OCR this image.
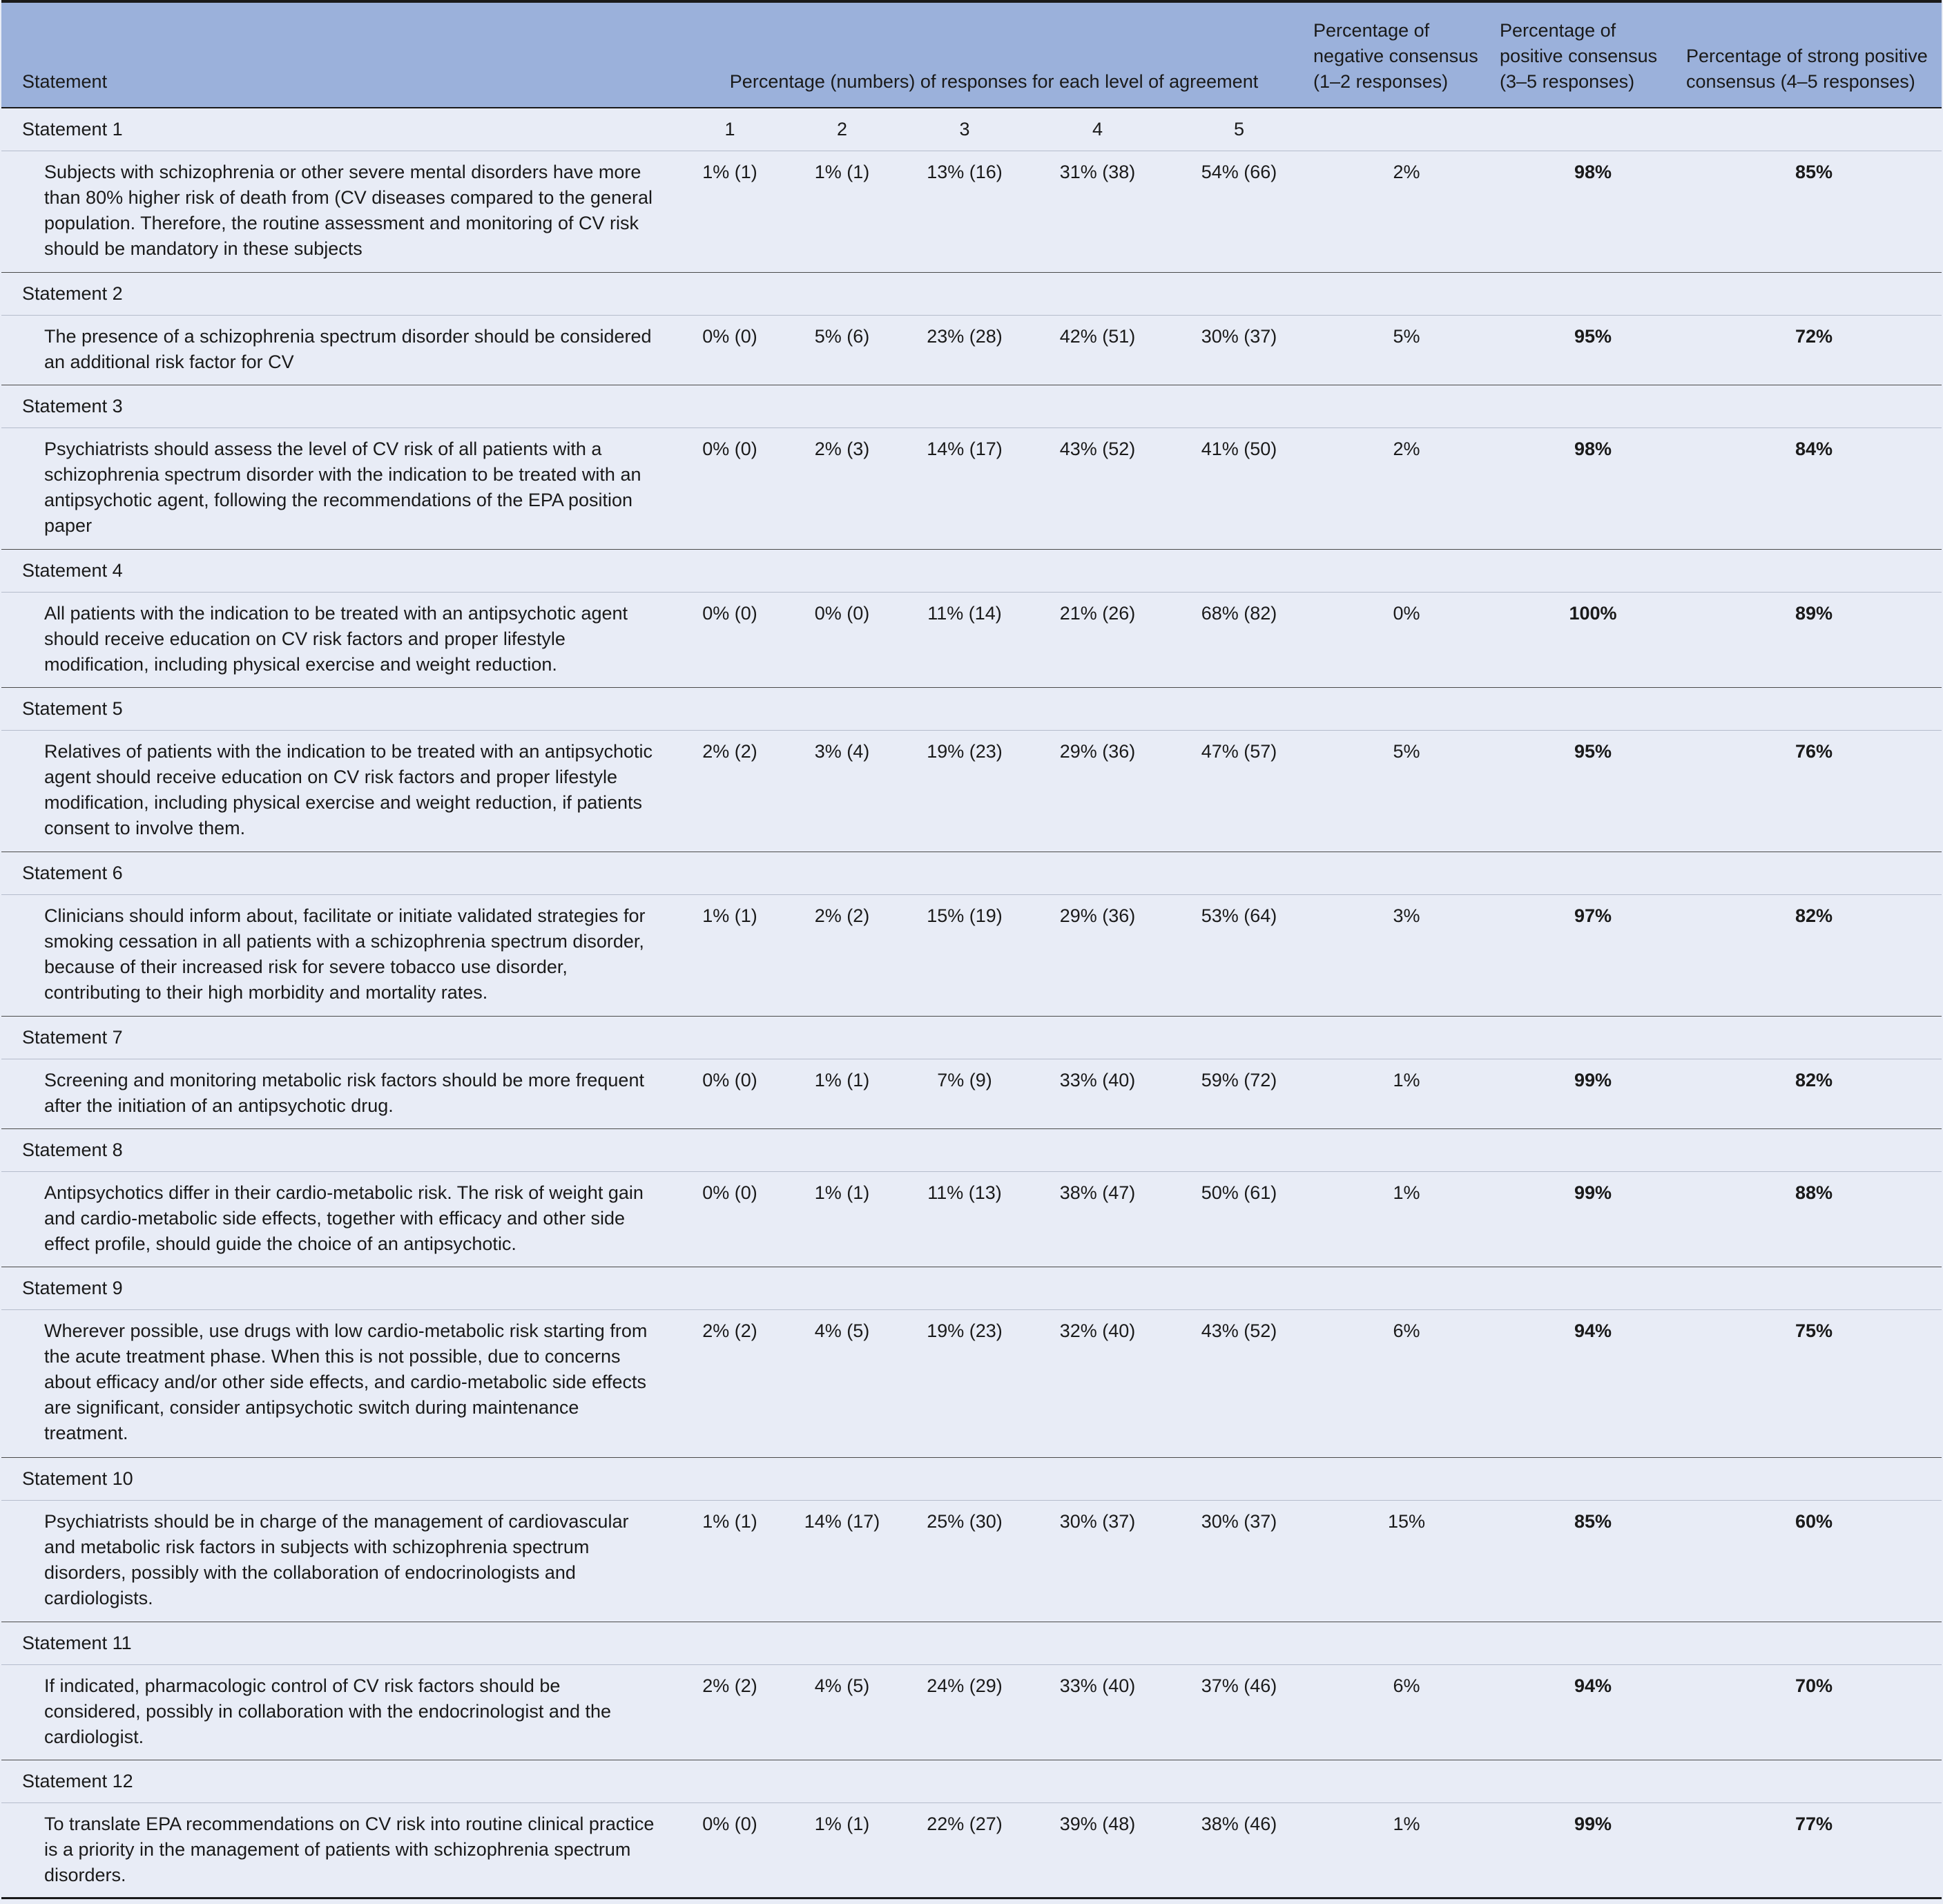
Statement	Percentage (numbers) of responses for each level of agreement					Percentage of negative consensus (1–2 responses)	Percentage of positive consensus (3–5 responses)	Percentage of strong positive consensus (4–5 responses)
Statement 1	1	2	3	4	5			
Subjects with schizophrenia or other severe mental disorders have more than 80% higher risk of death from (CV diseases compared to the general population. Therefore, the routine assessment and monitoring of CV risk should be mandatory in these subjects	1% (1)	1% (1)	13% (16)	31% (38)	54% (66)	2%	98%	85%
Statement 2								
The presence of a schizophrenia spectrum disorder should be considered an additional risk factor for CV	0% (0)	5% (6)	23% (28)	42% (51)	30% (37)	5%	95%	72%
Statement 3								
Psychiatrists should assess the level of CV risk of all patients with a schizophrenia spectrum disorder with the indication to be treated with an antipsychotic agent, following the recommendations of the EPA position paper	0% (0)	2% (3)	14% (17)	43% (52)	41% (50)	2%	98%	84%
Statement 4								
All patients with the indication to be treated with an antipsychotic agent should receive education on CV risk factors and proper lifestyle modification, including physical exercise and weight reduction.	0% (0)	0% (0)	11% (14)	21% (26)	68% (82)	0%	100%	89%
Statement 5								
Relatives of patients with the indication to be treated with an antipsychotic agent should receive education on CV risk factors and proper lifestyle modification, including physical exercise and weight reduction, if patients consent to involve them.	2% (2)	3% (4)	19% (23)	29% (36)	47% (57)	5%	95%	76%
Statement 6								
Clinicians should inform about, facilitate or initiate validated strategies for smoking cessation in all patients with a schizophrenia spectrum disorder, because of their increased risk for severe tobacco use disorder, contributing to their high morbidity and mortality rates.	1% (1)	2% (2)	15% (19)	29% (36)	53% (64)	3%	97%	82%
Statement 7								
Screening and monitoring metabolic risk factors should be more frequent after the initiation of an antipsychotic drug.	0% (0)	1% (1)	7% (9)	33% (40)	59% (72)	1%	99%	82%
Statement 8								
Antipsychotics differ in their cardio-metabolic risk. The risk of weight gain and cardio-metabolic side effects, together with efficacy and other side effect profile, should guide the choice of an antipsychotic.	0% (0)	1% (1)	11% (13)	38% (47)	50% (61)	1%	99%	88%
Statement 9								
Wherever possible, use drugs with low cardio-metabolic risk starting from the acute treatment phase. When this is not possible, due to concerns about efficacy and/or other side effects, and cardio-metabolic side effects are significant, consider antipsychotic switch during maintenance treatment.	2% (2)	4% (5)	19% (23)	32% (40)	43% (52)	6%	94%	75%
Statement 10								
Psychiatrists should be in charge of the management of cardiovascular and metabolic risk factors in subjects with schizophrenia spectrum disorders, possibly with the collaboration of endocrinologists and cardiologists.	1% (1)	14% (17)	25% (30)	30% (37)	30% (37)	15%	85%	60%
Statement 11								
If indicated, pharmacologic control of CV risk factors should be considered, possibly in collaboration with the endocrinologist and the cardiologist.	2% (2)	4% (5)	24% (29)	33% (40)	37% (46)	6%	94%	70%
Statement 12								
To translate EPA recommendations on CV risk into routine clinical practice is a priority in the management of patients with schizophrenia spectrum disorders.	0% (0)	1% (1)	22% (27)	39% (48)	38% (46)	1%	99%	77%
